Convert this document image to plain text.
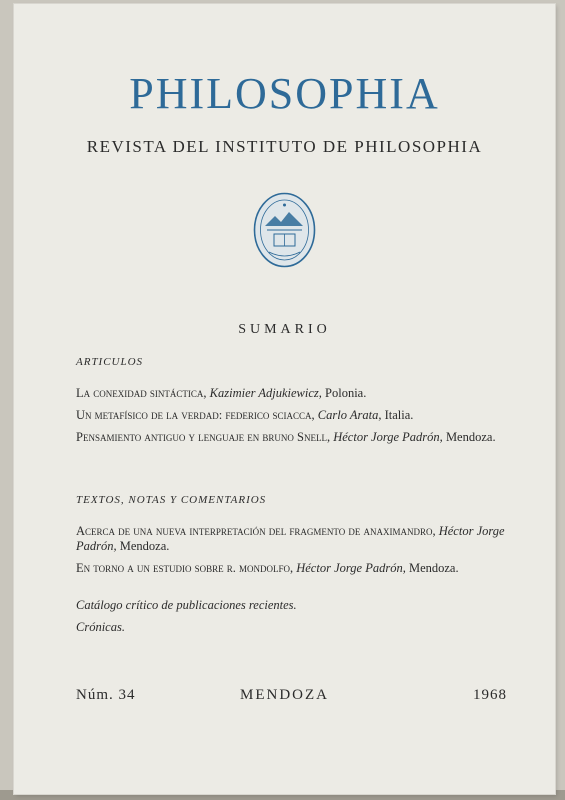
PHILOSOPHIA
REVISTA DEL INSTITUTO DE PHILOSOPHIA
SUMARIO
ARTICULOS
La conexidad sintáctica, Kazimier Adjukiewicz, Polonia.
Un metafísico de la verdad: federico sciacca, Carlo Arata, Italia.
Pensamiento antiguo y lenguaje en bruno Snell, Héctor Jorge Padrón, Mendoza.
TEXTOS, NOTAS Y COMENTARIOS
Acerca de una nueva interpretación del fragmento de anaximandro, Héctor Jorge Padrón, Mendoza.
En torno a un estudio sobre r. mondolfo, Héctor Jorge Padrón, Mendoza.
Catálogo crítico de publicaciones recientes.
Crónicas.
Núm. 34	MENDOZA	1968
